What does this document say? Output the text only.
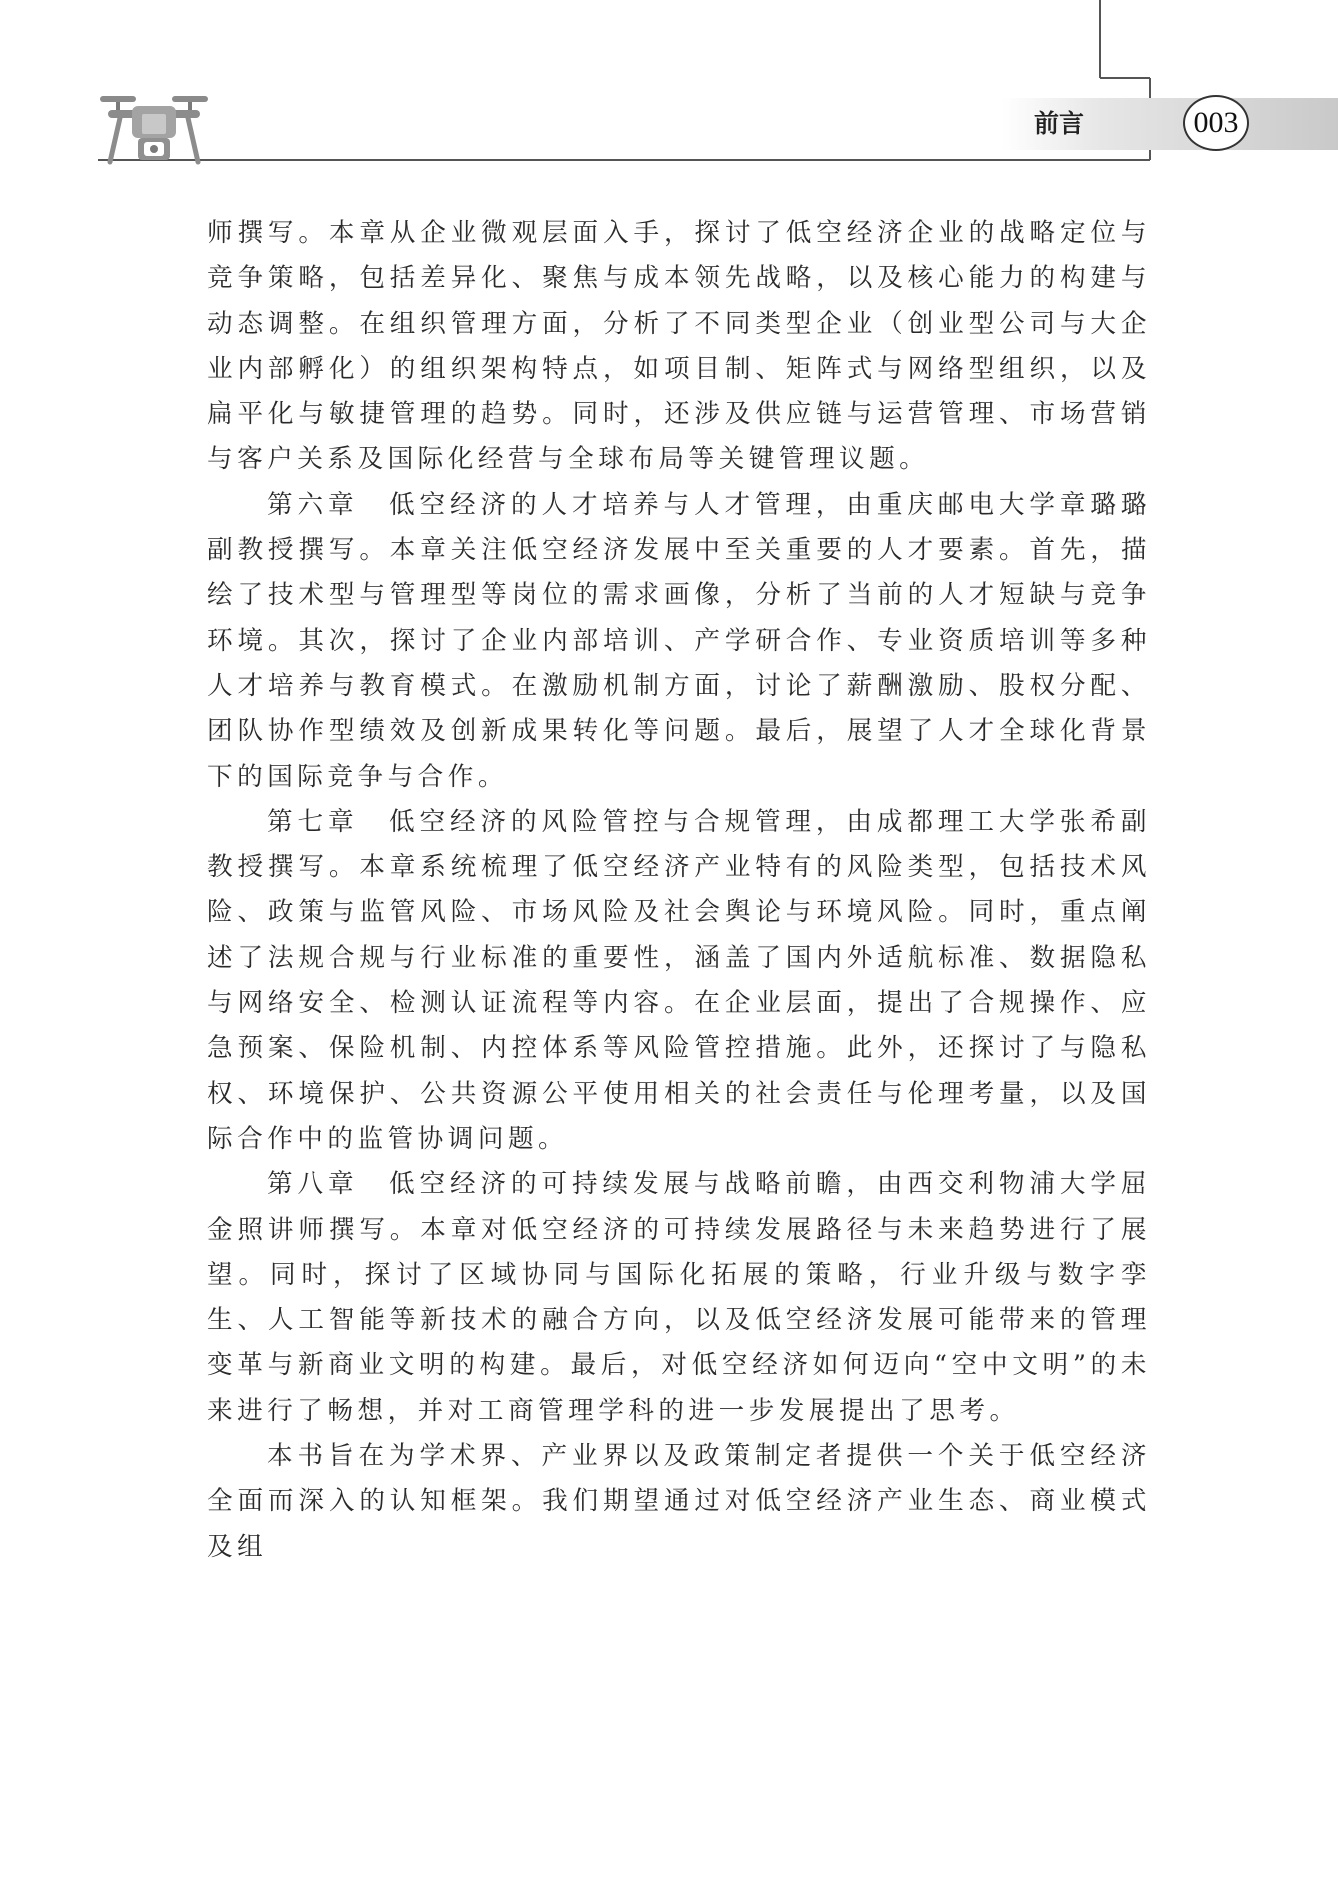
前言	003

师撰写。本章从企业微观层面入手，探讨了低空经济企业的战略定位与竞争策略，包括差异化、聚焦与成本领先战略，以及核心能力的构建与动态调整。在组织管理方面，分析了不同类型企业（创业型公司与大企业内部孵化）的组织架构特点，如项目制、矩阵式与网络型组织，以及扁平化与敏捷管理的趋势。同时，还涉及供应链与运营管理、市场营销与客户关系及国际化经营与全球布局等关键管理议题。

第六章　低空经济的人才培养与人才管理，由重庆邮电大学章璐璐副教授撰写。本章关注低空经济发展中至关重要的人才要素。首先，描绘了技术型与管理型等岗位的需求画像，分析了当前的人才短缺与竞争环境。其次，探讨了企业内部培训、产学研合作、专业资质培训等多种人才培养与教育模式。在激励机制方面，讨论了薪酬激励、股权分配、团队协作型绩效及创新成果转化等问题。最后，展望了人才全球化背景下的国际竞争与合作。

第七章　低空经济的风险管控与合规管理，由成都理工大学张希副教授撰写。本章系统梳理了低空经济产业特有的风险类型，包括技术风险、政策与监管风险、市场风险及社会舆论与环境风险。同时，重点阐述了法规合规与行业标准的重要性，涵盖了国内外适航标准、数据隐私与网络安全、检测认证流程等内容。在企业层面，提出了合规操作、应急预案、保险机制、内控体系等风险管控措施。此外，还探讨了与隐私权、环境保护、公共资源公平使用相关的社会责任与伦理考量，以及国际合作中的监管协调问题。

第八章　低空经济的可持续发展与战略前瞻，由西交利物浦大学屈金照讲师撰写。本章对低空经济的可持续发展路径与未来趋势进行了展望。同时，探讨了区域协同与国际化拓展的策略，行业升级与数字孪生、人工智能等新技术的融合方向，以及低空经济发展可能带来的管理变革与新商业文明的构建。最后，对低空经济如何迈向“空中文明”的未来进行了畅想，并对工商管理学科的进一步发展提出了思考。

本书旨在为学术界、产业界以及政策制定者提供一个关于低空经济全面而深入的认知框架。我们期望通过对低空经济产业生态、商业模式及组
